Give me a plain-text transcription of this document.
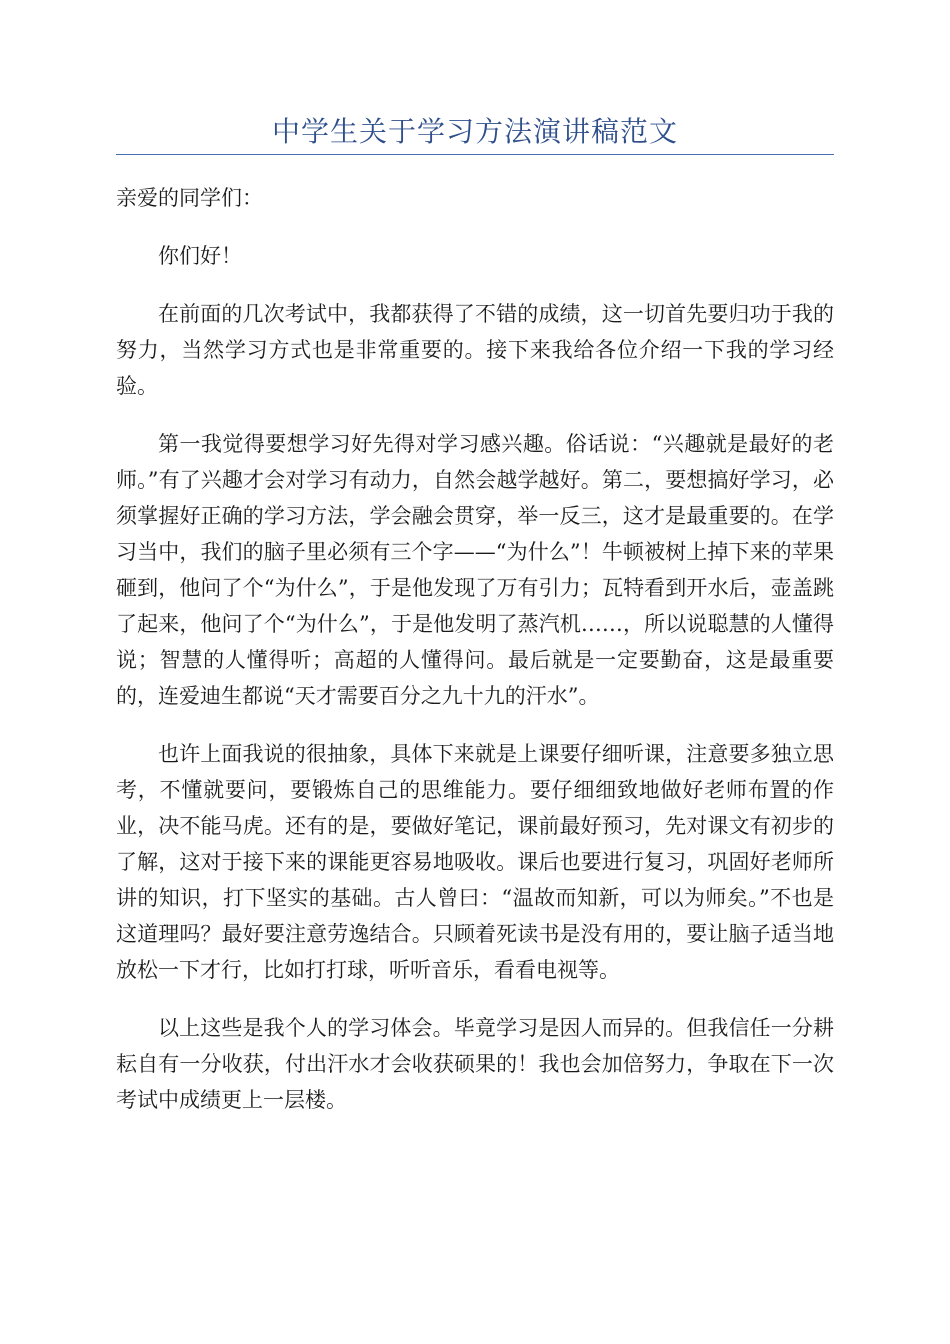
中学生关于学习方法演讲稿范文

亲爱的同学们：

你们好！

在前面的几次考试中，我都获得了不错的成绩，这一切首先要归功于我的努力，当然学习方式也是非常重要的。接下来我给各位介绍一下我的学习经验。

第一我觉得要想学习好先得对学习感兴趣。俗话说：“兴趣就是最好的老师。”有了兴趣才会对学习有动力，自然会越学越好。第二，要想搞好学习，必须掌握好正确的学习方法，学会融会贯穿，举一反三，这才是最重要的。在学习当中，我们的脑子里必须有三个字——“为什么”！牛顿被树上掉下来的苹果砸到，他问了个“为什么”，于是他发现了万有引力；瓦特看到开水后，壶盖跳了起来，他问了个“为什么”，于是他发明了蒸汽机……，所以说聪慧的人懂得说；智慧的人懂得听；高超的人懂得问。最后就是一定要勤奋，这是最重要的，连爱迪生都说“天才需要百分之九十九的汗水”。

也许上面我说的很抽象，具体下来就是上课要仔细听课，注意要多独立思考，不懂就要问，要锻炼自己的思维能力。要仔细细致地做好老师布置的作业，决不能马虎。还有的是，要做好笔记，课前最好预习，先对课文有初步的了解，这对于接下来的课能更容易地吸收。课后也要进行复习，巩固好老师所讲的知识，打下坚实的基础。古人曾曰：“温故而知新，可以为师矣。”不也是这道理吗？最好要注意劳逸结合。只顾着死读书是没有用的，要让脑子适当地放松一下才行，比如打打球，听听音乐，看看电视等。

以上这些是我个人的学习体会。毕竟学习是因人而异的。但我信任一分耕耘自有一分收获，付出汗水才会收获硕果的！我也会加倍努力，争取在下一次考试中成绩更上一层楼。
